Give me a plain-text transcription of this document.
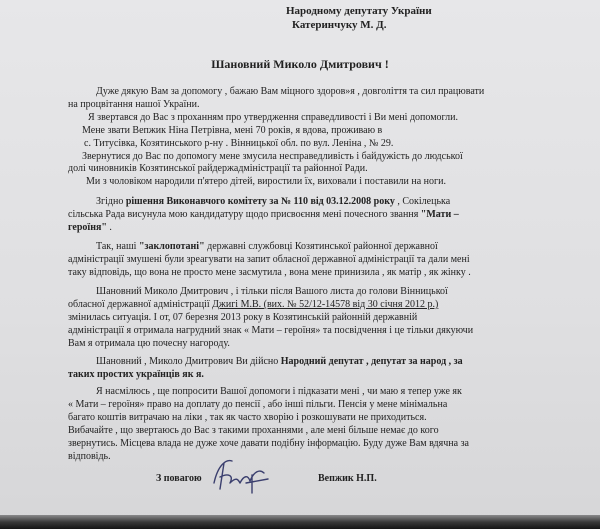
Народному депутату України
Катеринчуку М. Д.
Шановний Миколо Дмитрович !
Дуже дякую Вам за допомогу , бажаю Вам міцного здоров»я , довголіття та сил працювати
на процвітання нашої України.
Я звертався до Вас з проханням про утвердження справедливості і Ви мені допомогли.
Мене звати Вепжик Ніна Петрівна, мені 70 років, я вдова, проживаю в
с. Титусівка, Козятинського р-ну . Вінницької обл. по вул. Леніна , № 29.
Звернутися до Вас по допомогу мене змусила несправедливість і байдужість до людської
долі чиновників Козятинської райдержадміністрації та районної Ради.
Ми з чоловіком народили п'ятеро дітей, виростили їх, виховали і поставили на ноги.
Згідно рішення Виконавчого комітету за № 110 від 03.12.2008 року , Сокілецька
сільська Рада висунула мою кандидатуру щодо присвоєння мені почесного звання "Мати –
героїня" .
Так, наші "заклопотані" державні службовці Козятинської районної державної
адміністрації змушені були зреагувати на запит обласної державної адміністрації та дали мені
таку відповідь, що вона не просто мене засмутила , вона мене принизила , як матір , як жінку .
Шановний Миколо Дмитрович , і тільки після Вашого листа до голови Вінницької
обласної державної адміністрації Джигі М.В. (вих. № 52/12-14578 від 30 січня 2012 р.)
змінилась ситуація. І от, 07 березня 2013 року в Козятинській районній державній
адміністрації я отримала нагрудний знак « Мати – героїня» та посвідчення і це тільки дякуючи
Вам я отримала цю почесну нагороду.
Шановний , Миколо Дмитрович Ви дійсно Народний депутат , депутат за народ , за
таких простих українців як я.
Я насмілюсь , ще попросити Вашої допомоги і підказати мені , чи маю я тепер уже як
« Мати – героїня» право на доплату до пенсії , або інші пільги. Пенсія у мене мінімальна
багато коштів витрачаю на ліки , так як часто хворію і розкошувати не приходиться.
Вибачайте , що звертаюсь до Вас з такими проханнями , але мені більше немає до кого
звернутись. Місцева влада не дуже хоче давати подібну інформацію. Буду дуже Вам вдячна за
відповідь.
З повагою	Вепжик Н.П.
